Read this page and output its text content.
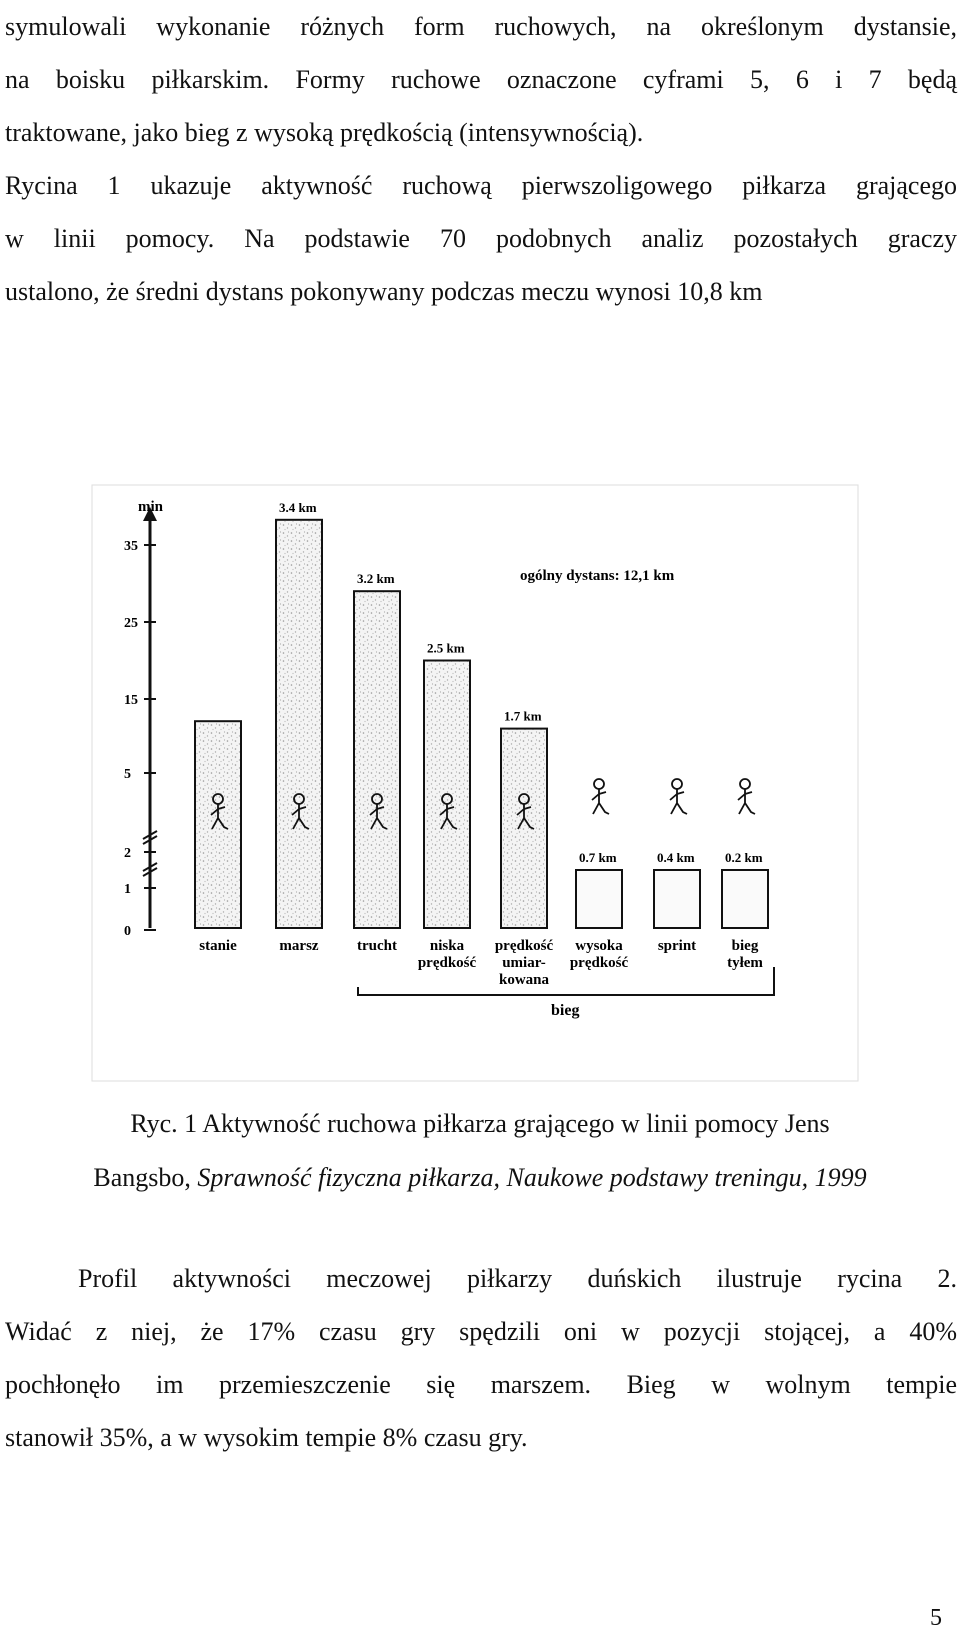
symulowali wykonanie różnych form ruchowych, na określonym dystansie,
na boisku piłkarskim. Formy ruchowe oznaczone cyframi 5, 6 i 7 będą
traktowane, jako bieg z wysoką prędkością (intensywnością).
Rycina 1 ukazuje aktywność ruchową pierwszoligowego piłkarza grającego
w linii pomocy. Na podstawie 70 podobnych analiz pozostałych graczy
ustalono, że średni dystans pokonywany podczas meczu wynosi 10,8 km
min
0
1
2
5
15
25
35
stanie
3.4 km
marsz
3.2 km
trucht
2.5 km
niska
prędkość
1.7 km
prędkość
umiar-
kowana
0.7 km
wysoka
prędkość
0.4 km
sprint
0.2 km
bieg
tyłem
ogólny dystans: 12,1 km
bieg
Ryc. 1 Aktywność ruchowa piłkarza grającego w linii pomocy Jens
Bangsbo, Sprawność fizyczna piłkarza, Naukowe podstawy treningu, 1999
Profil aktywności meczowej piłkarzy duńskich ilustruje rycina 2.
Widać z niej, że 17% czasu gry spędzili oni w pozycji stojącej, a 40%
pochłonęło im przemieszczenie się marszem. Bieg w wolnym tempie
stanowił 35%, a w wysokim tempie 8% czasu gry.
5
